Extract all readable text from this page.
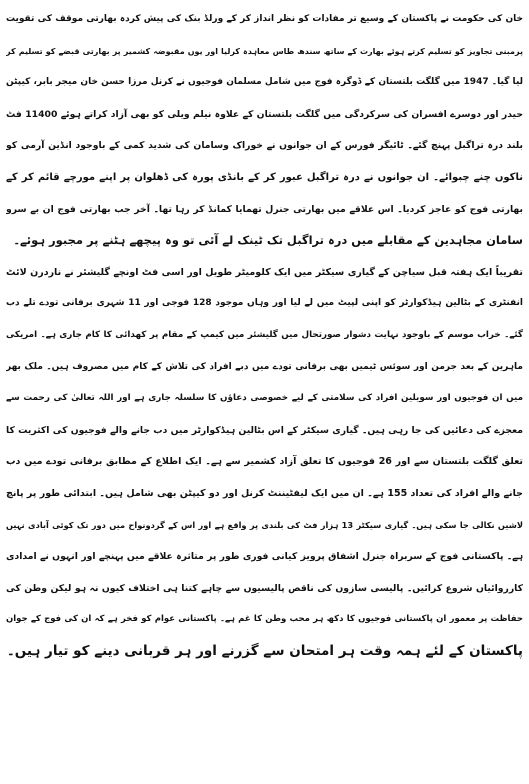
خان کی حکومت نے پاکستان کے وسیع تر مفادات کو نظر انداز کر کے ورلڈ بنک کی پیش کردہ بھارتی موقف کی تقویت
پرمبنی تجاویز کو تسلیم کرتے ہوئے بھارت کے ساتھ سندھ طاس معاہدہ کرلیا اور یوں مقبوضہ کشمیر پر بھارتی قبضے کو تسلیم کر
لیا گیا۔ 1947 میں گلگت بلتستان کے ڈوگرہ فوج میں شامل مسلمان فوجیوں نے کرنل مرزا حسن خان میجر بابر، کیپٹن
حیدر اور دوسرے افسران کی سرکردگی میں گلگت بلتستان کے علاوہ نیلم ویلی کو بھی آزاد کراتے ہوئے 11400 فٹ
بلند درہ تراگبل پہنچ گئے۔ ٹائیگر فورس کے ان جوانوں نے خوراک وسامان کی شدید کمی کے باوجود انڈین آرمی کو
ناکوں چنے چبوائے۔ ان جوانوں نے درہ تراگبل عبور کر کے بانڈی پورہ کی ڈھلوان پر اپنے مورچے قائم کر کے
بھارتی فوج کو عاجز کردیا۔ اس علاقے میں بھارتی جنرل تھمایا کمانڈ کر رہا تھا۔ آخر جب بھارتی فوج ان بے سرو
سامان مجاہدین کے مقابلے میں درہ تراگبل تک ٹینک لے آئی تو وہ پیچھے ہٹنے پر مجبور ہوئے۔
تقریباً ایک ہفتہ قبل سیاچن کے گیاری سیکٹر میں ایک کلومیٹر طویل اور اسی فٹ اونچے گلیشئر نے ناردرن لائٹ
انفنٹری کے بٹالین ہیڈکوارٹر کو اپنی لپیٹ میں لے لیا اور وہاں موجود 128 فوجی اور 11 شہری برفانی تودے تلے دب
گئے۔ خراب موسم کے باوجود نہایت دشوار صورتحال میں گلیشئر میں کیمپ کے مقام پر کھدائی کا کام جاری ہے۔ امریکی
ماہرین کے بعد جرمن اور سوئس ٹیمیں بھی برفانی تودے میں دبے افراد کی تلاش کے کام میں مصروف ہیں۔ ملک بھر
میں ان فوجیوں اور سویلین افراد کی سلامتی کے لیے خصوصی دعاؤں کا سلسلہ جاری ہے اور اللہ تعالیٰ کی رحمت سے
معجزے کی دعائیں کی جا رہی ہیں۔ گیاری سیکٹر کے اس بٹالین ہیڈکوارٹر میں دب جانے والے فوجیوں کی اکثریت کا
تعلق گلگت بلتستان سے اور 26 فوجیوں کا تعلق آزاد کشمیر سے ہے۔ ایک اطلاع کے مطابق برفانی تودے میں دب
جانے والے افراد کی تعداد 155 ہے۔ ان میں ایک لیفٹیننٹ کرنل اور دو کیپٹن بھی شامل ہیں۔ ابتدائی طور پر پانچ
لاشیں نکالی جا سکی ہیں۔ گیاری سیکٹر 13 ہزار فٹ کی بلندی پر واقع ہے اور اس کے گردونواح میں دور تک کوئی آبادی نہیں
ہے۔ پاکستانی فوج کے سربراہ جنرل اشفاق پرویز کیانی فوری طور پر متاثرہ علاقے میں پہنچے اور انہوں نے امدادی
کارروائیاں شروع کرائیں۔ پالیسی سازوں کی ناقص پالیسیوں سے چاہے کتنا ہی اختلاف کیوں نہ ہو لیکن وطن کی
حفاظت پر معمور ان پاکستانی فوجیوں کا دکھ ہر محب وطن کا غم ہے۔ پاکستانی عوام کو فخر ہے کہ ان کی فوج کے جوان
پاکستان کے لئے ہمہ وقت ہر امتحان سے گزرنے اور ہر قربانی دینے کو تیار ہیں۔
